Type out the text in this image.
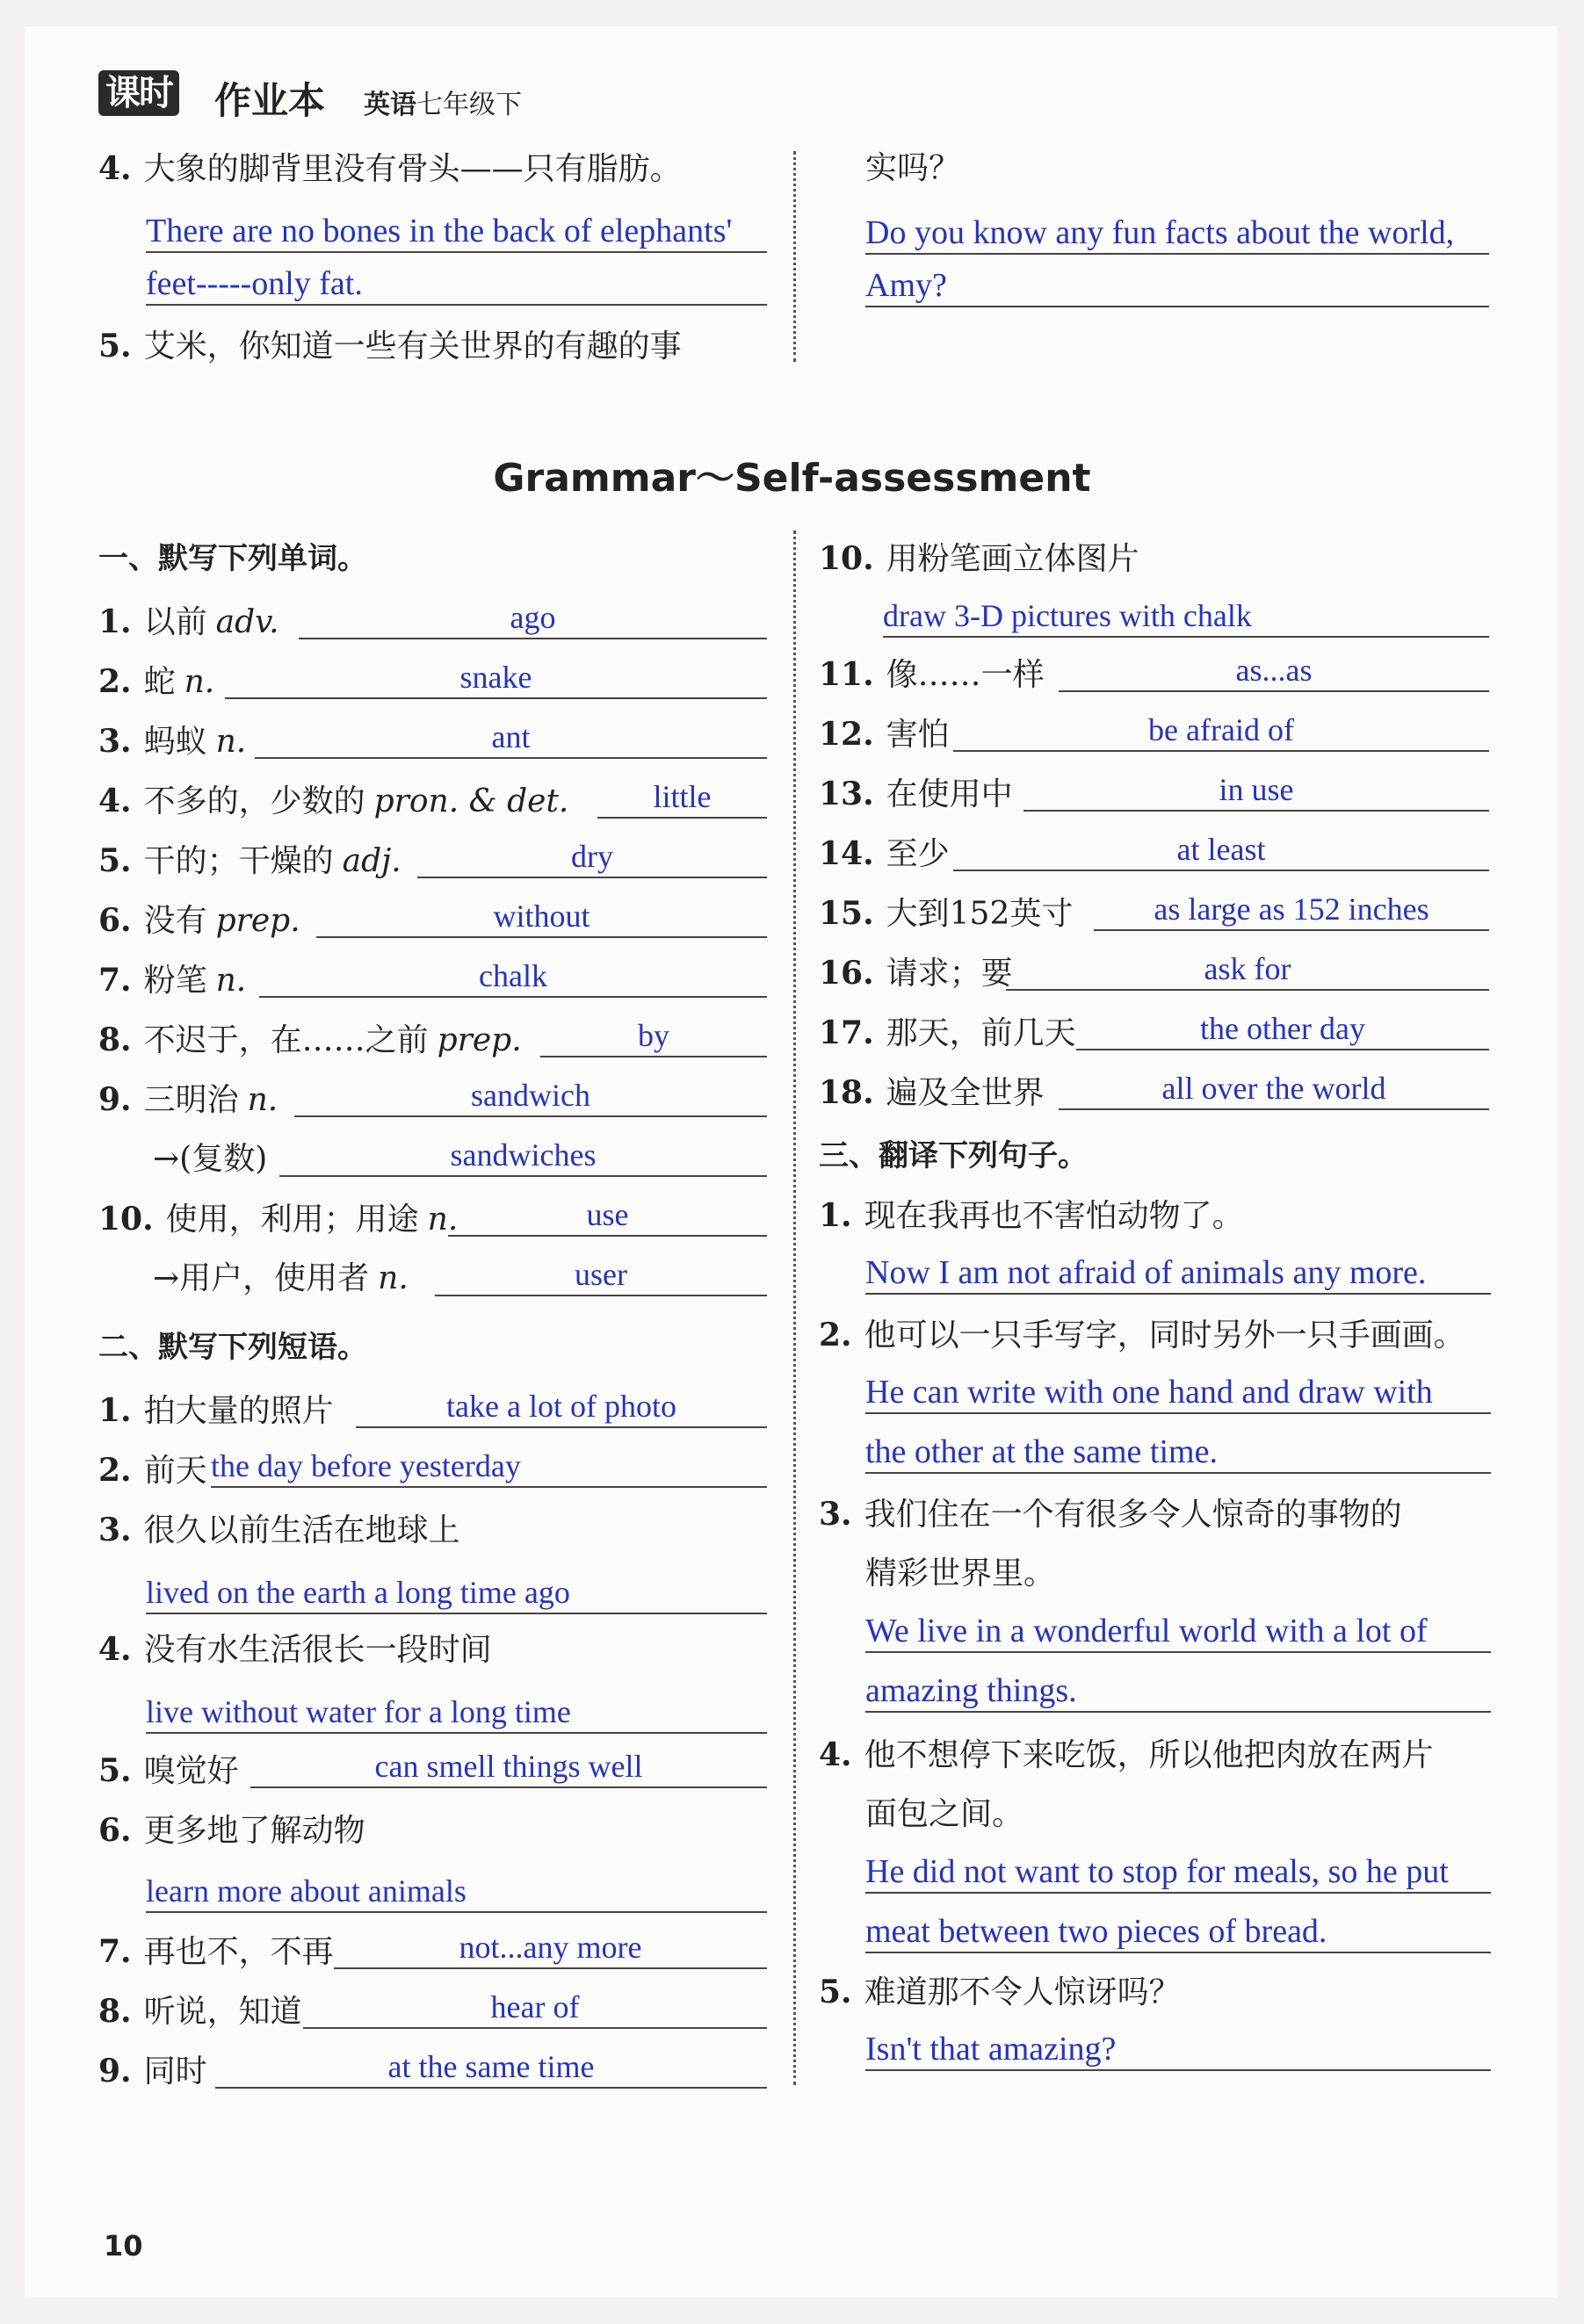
课时 作业本 英语七年级下
4. 大象的脚背里没有骨头——只有脂肪。
There are no bones in the back of elephants'
feet-----only fat.
5. 艾米，你知道一些有关世界的有趣的事
实吗？
Do you know any fun facts about the world,
Amy?
Grammar～Self-assessment
一、默写下列单词。
二、默写下列短语。
三、翻译下列句子。
10
1. 以前 adv.	ago
2. 蛇 n.	snake
3. 蚂蚁 n.	ant
4. 不多的，少数的 pron. & det.	little
5. 干的；干燥的 adj.	dry
6. 没有 prep.	without
7. 粉笔 n.	chalk
8. 不迟于，在……之前 prep.	by
9. 三明治 n.	sandwich
→(复数)	sandwiches
10. 使用，利用；用途 n.	use
→用户，使用者 n.	user
1. 拍大量的照片	take a lot of photo
2. 前天 the day before yesterday
3. 很久以前生活在地球上
lived on the earth a long time ago
4. 没有水生活很长一段时间
live without water for a long time
5. 嗅觉好	can smell things well
6. 更多地了解动物
learn more about animals
7. 再也不，不再	not...any more
8. 听说，知道	hear of
9. 同时	at the same time
10. 用粉笔画立体图片
draw 3-D pictures with chalk
11. 像……一样	as...as
12. 害怕	be afraid of
13. 在使用中	in use
14. 至少	at least
15. 大到152英寸	as large as 152 inches
16. 请求；要	ask for
17. 那天，前几天	the other day
18. 遍及全世界	all over the world
1. 现在我再也不害怕动物了。
Now I am not afraid of animals any more.
2. 他可以一只手写字，同时另外一只手画画。
He can write with one hand and draw with
the other at the same time.
3. 我们住在一个有很多令人惊奇的事物的
精彩世界里。
We live in a wonderful world with a lot of
amazing things.
4. 他不想停下来吃饭，所以他把肉放在两片
面包之间。
He did not want to stop for meals, so he put
meat between two pieces of bread.
5. 难道那不令人惊讶吗？
Isn't that amazing?
